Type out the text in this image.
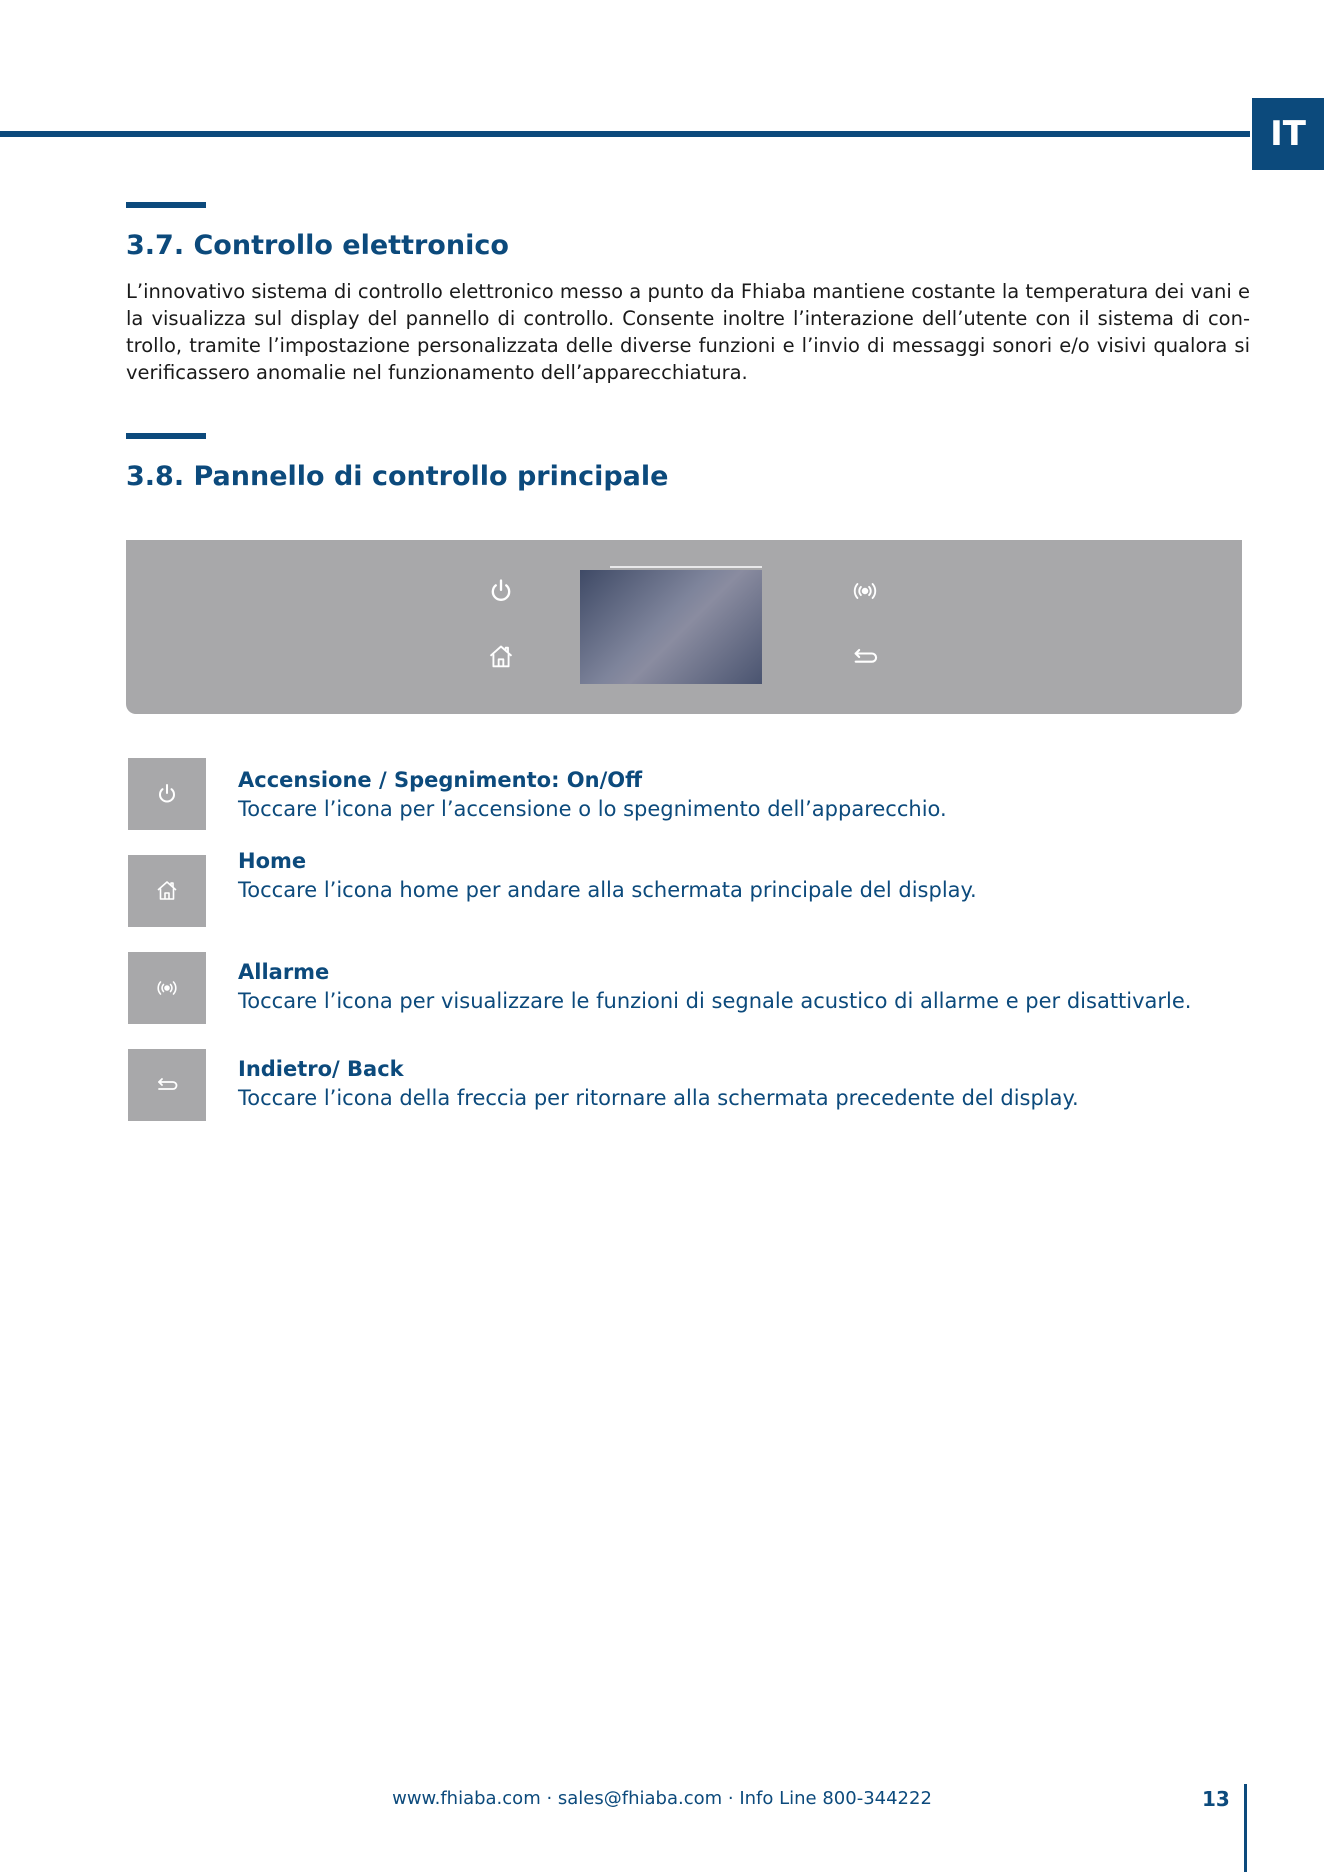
IT
3.7. Controllo elettronico

L’innovativo sistema di controllo elettronico messo a punto da Fhiaba mantiene costante la temperatura dei vani e la visualizza sul display del pannello di controllo. Consente inoltre l’interazione dell’utente con il sistema di con-trollo, tramite l’impostazione personalizzata delle diverse funzioni e l’invio di messaggi sonori e/o visivi qualora si verificassero anomalie nel funzionamento dell’apparecchiatura.

3.8. Pannello di controllo principale
Accensione / Spegnimento: On/Off
Toccare l’icona per l’accensione o lo spegnimento dell’apparecchio.
Home
Toccare l’icona home per andare alla schermata principale del display.
Allarme
Toccare l’icona per visualizzare le funzioni di segnale acustico di allarme e per disattivarle.
Indietro/ Back
Toccare l’icona della freccia per ritornare alla schermata precedente del display.
www.fhiaba.com · sales@fhiaba.com · Info Line 800-344222	13
